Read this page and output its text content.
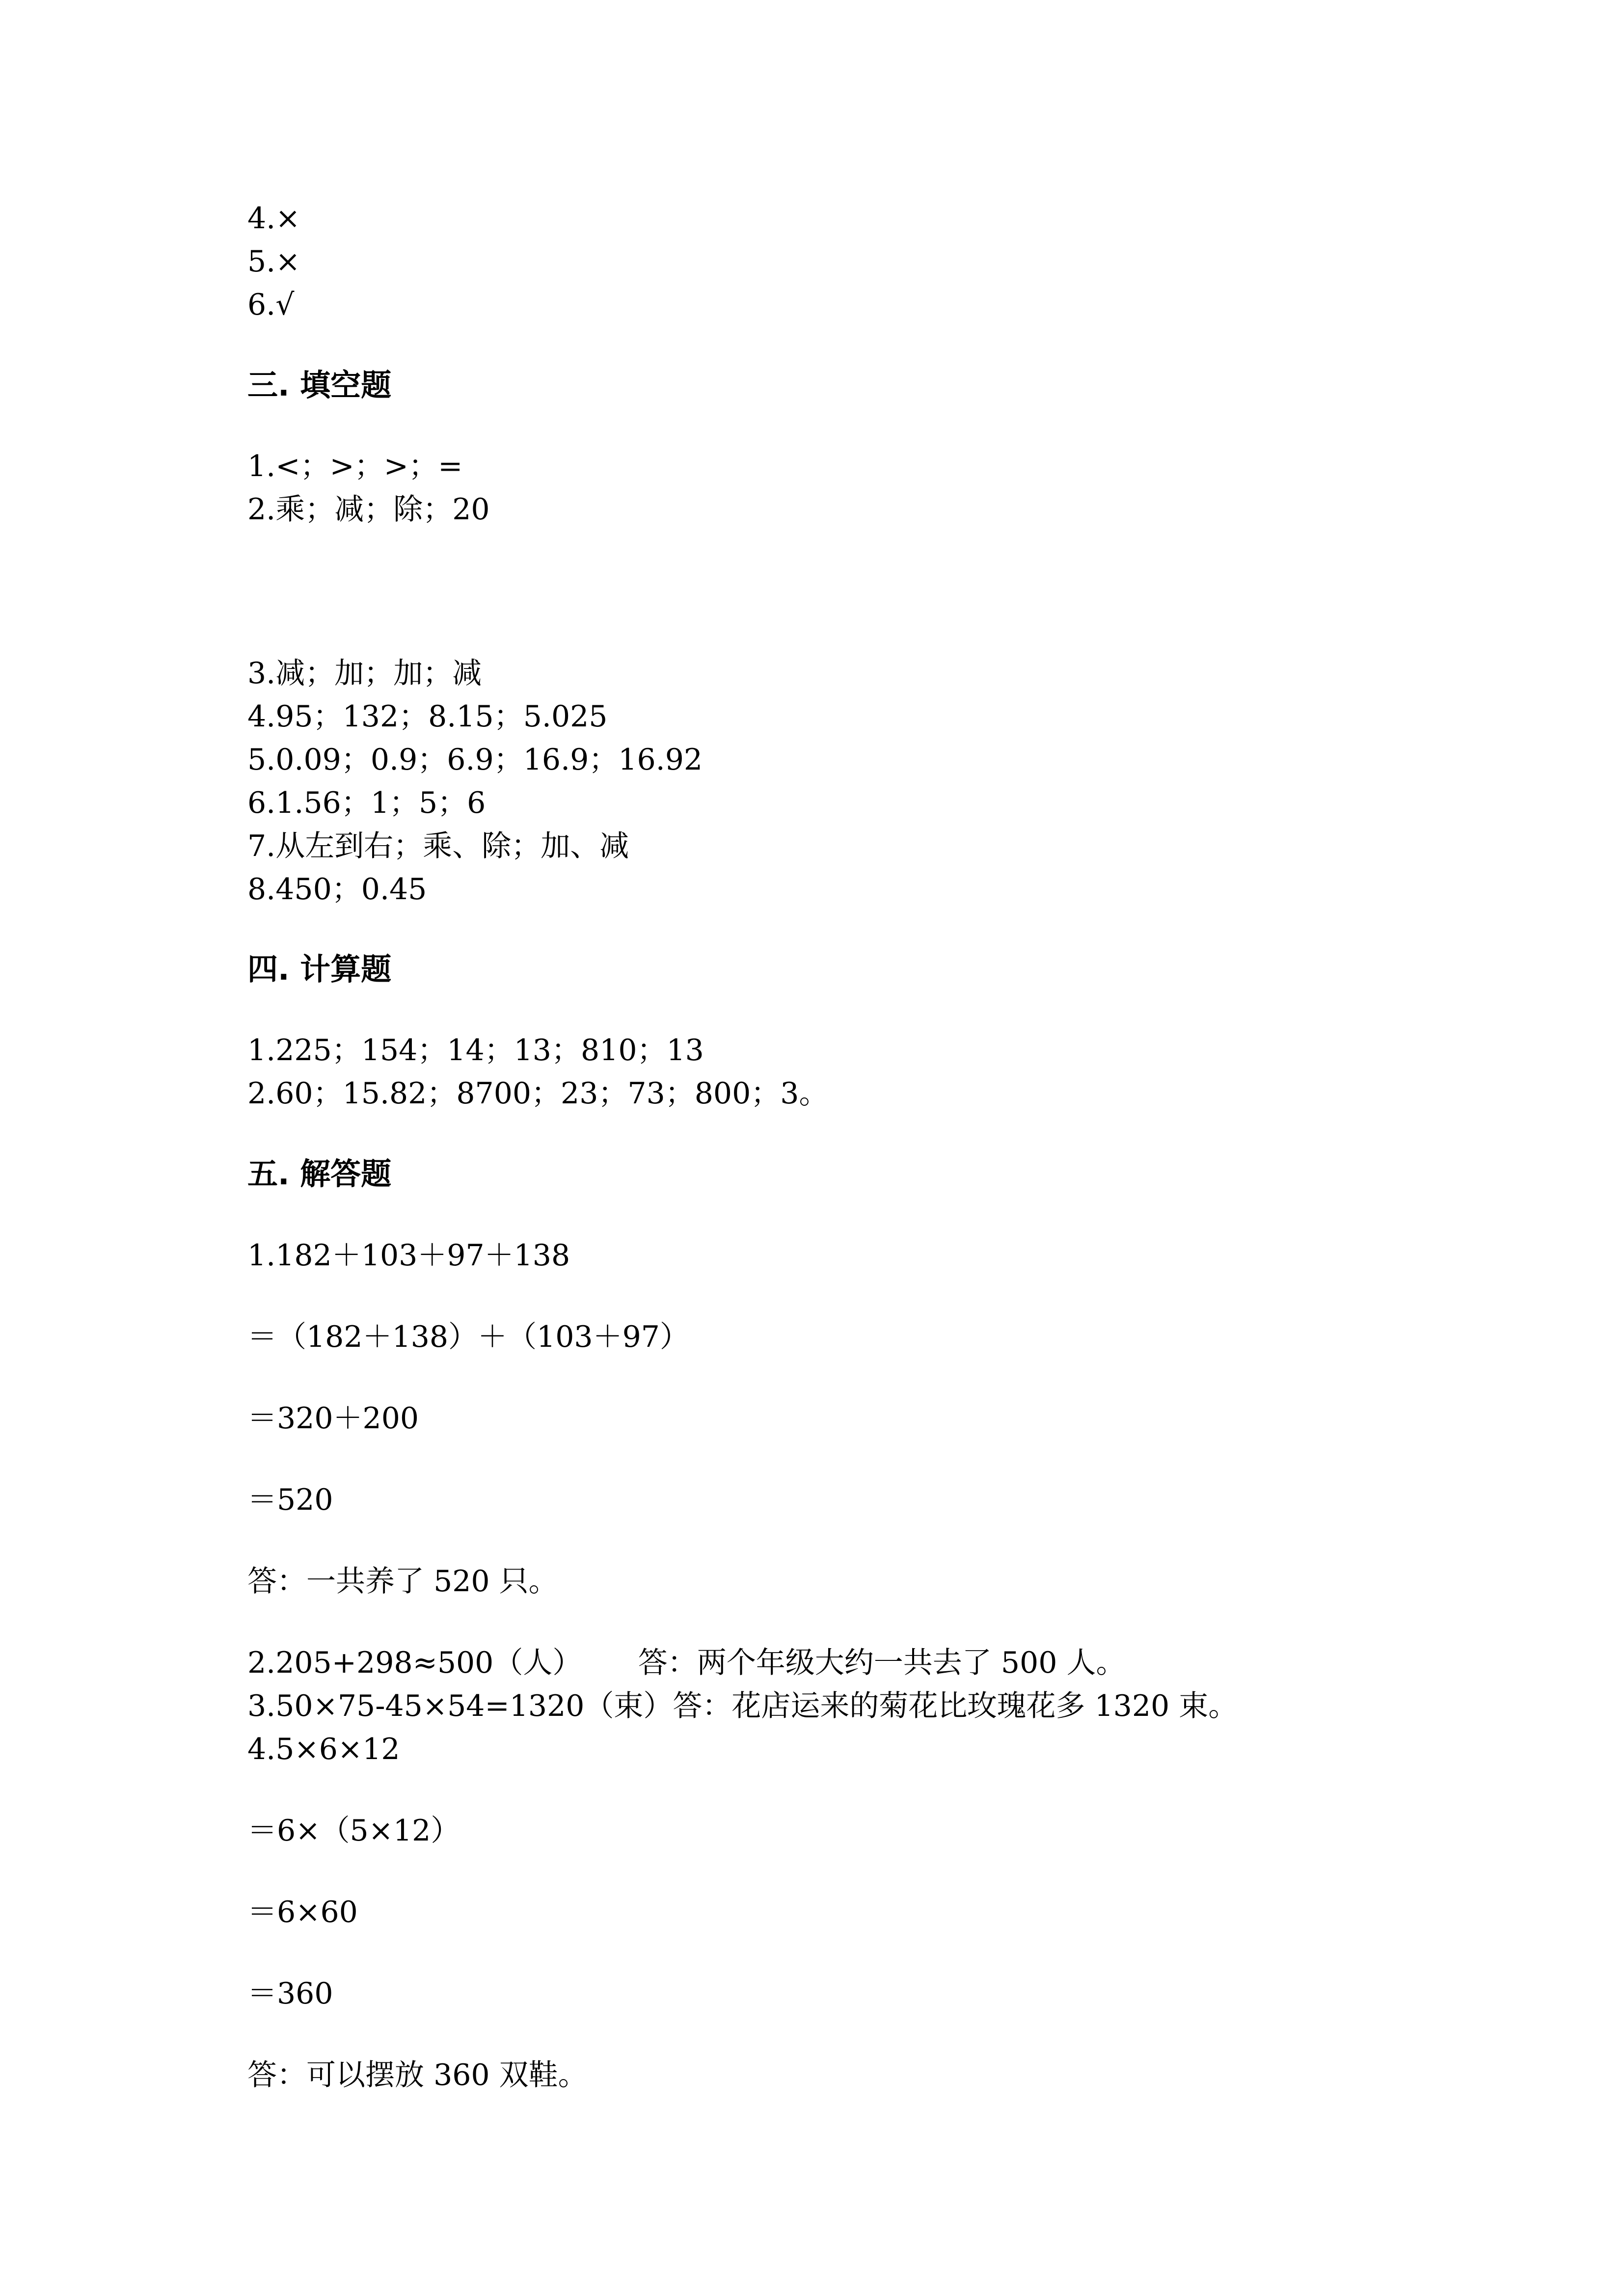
4.×
5.×
6.√
三. 填空题
1.<；>；>；=
2.乘；减；除；20
3.减；加；加；减
4.95；132；8.15；5.025
5.0.09；0.9；6.9；16.9；16.92
6.1.56；1；5；6
7.从左到右；乘、除；加、减
8.450；0.45
四. 计算题
1.225；154；14；13；810；13
2.60；15.82；8700；23；73；800；3。
五. 解答题
1.182＋103＋97＋138
＝（182＋138）＋（103＋97）
＝320＋200
＝520
答：一共养了 520 只。
2.205+298≈500（人）      答：两个年级大约一共去了 500 人。
3.50×75-45×54=1320（束）答：花店运来的菊花比玫瑰花多 1320 束。
4.5×6×12
＝6×（5×12）
＝6×60
＝360
答：可以摆放 360 双鞋。
